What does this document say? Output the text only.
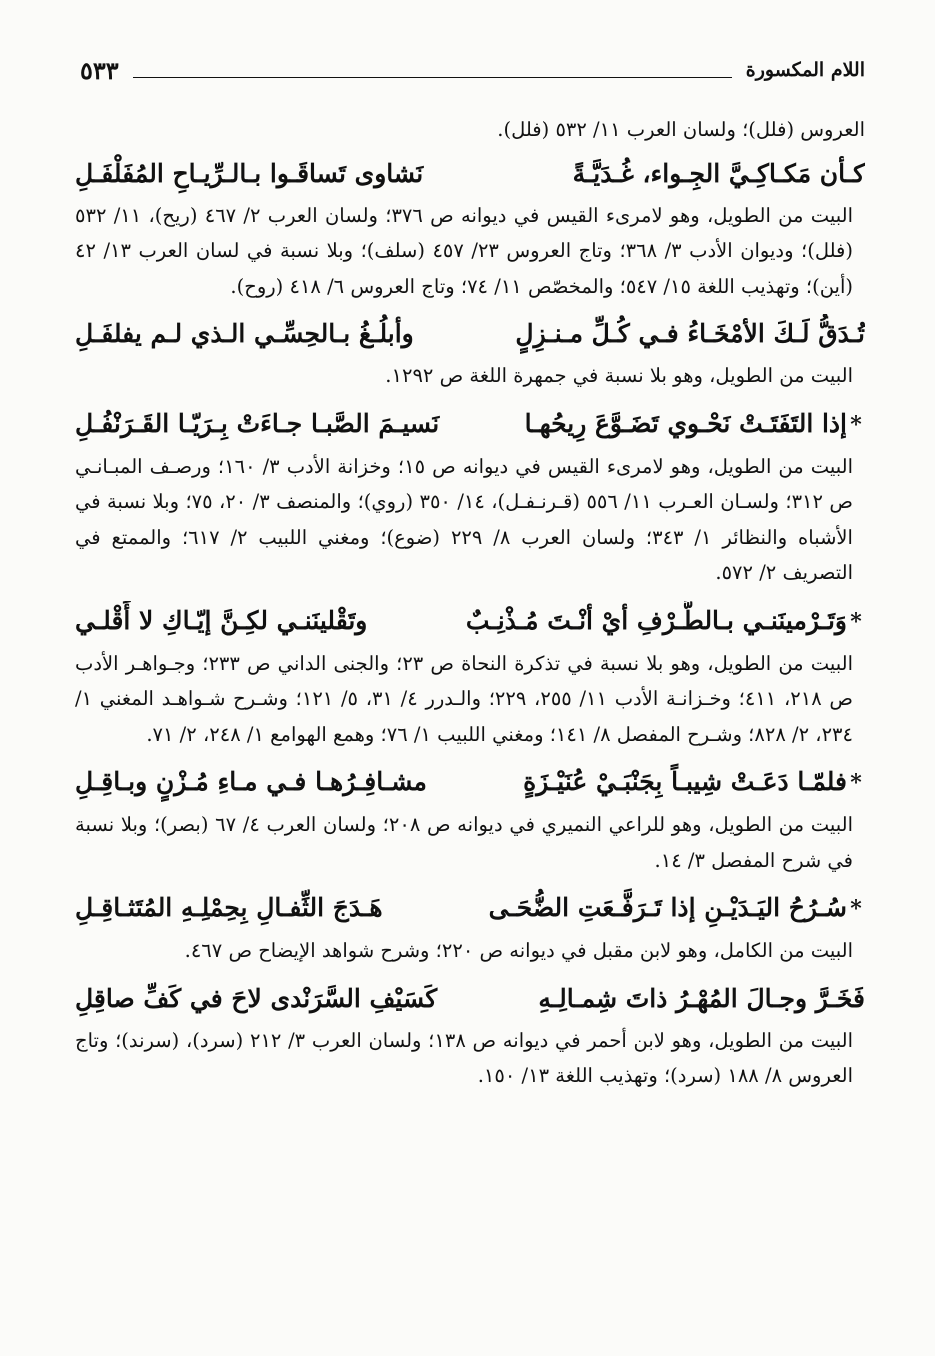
اللام المكسورة
٥٣٣

العروس (فلل)؛ ولسان العرب ١١/ ٥٣٢ (فلل).

كـأن مَكـاكِـيَّ الجِـواء، غُـدَيَّـةً
نَشاوى تَساقَـوا بـالـرِّيـاحِ المُفَلْفَـلِ

البيت من الطويل، وهو لامرىء القيس في ديوانه ص ٣٧٦؛ ولسان العرب ٢/ ٤٦٧ (ريح)، ١١/ ٥٣٢ (فلل)؛ وديوان الأدب ٣/ ٣٦٨؛ وتاج العروس ٢٣/ ٤٥٧ (سلف)؛ وبلا نسبة في لسان العرب ١٣/ ٤٢ (أين)؛ وتهذيب اللغة ١٥/ ٥٤٧؛ والمخصّص ١١/ ٧٤؛ وتاج العروس ٦/ ٤١٨ (روح).

تُـدَقُّ لَـكَ الأمْخَـاءُ فـي كُـلِّ مـنـزِلٍ
وأبلُـغُ بـالحِسِّـي الـذي لـم يفلفَـلِ

البيت من الطويل، وهو بلا نسبة في جمهرة اللغة ص ١٢٩٢.

*
إذا التَفَتَـتْ نَحْـوي تَضَـوَّعَ رِيحُهـا
نَسيـمَ الصَّبـا جـاءَتْ بِـرَيّـا القَـرَنْفُـلِ

البيت من الطويل، وهو لامرىء القيس في ديوانه ص ١٥؛ وخزانة الأدب ٣/ ١٦٠؛ ورصـف المبـانـي ص ٣١٢؛ ولسـان العـرب ١١/ ٥٥٦ (قـرنـفـل)، ١٤/ ٣٥٠ (روي)؛ والمنصف ٣/ ٢٠، ٧٥؛ وبلا نسبة في الأشباه والنظائر ١/ ٣٤٣؛ ولسان العرب ٨/ ٢٢٩ (ضوع)؛ ومغني اللبيب ٢/ ٦١٧؛ والممتع في التصريف ٢/ ٥٧٢.

*
وَتَـرْمينَنـي بـالطَّـرْفِ أيْ أنْـتَ مُـذْنِـبٌ
وتَقْلينَنـي لكِـنَّ إيّـاكِ لا أَقْلـي

البيت من الطويل، وهو بلا نسبة في تذكرة النحاة ص ٢٣؛ والجنى الداني ص ٢٣٣؛ وجـواهـر الأدب ص ٢١٨، ٤١١؛ وخـزانـة الأدب ١١/ ٢٥٥، ٢٢٩؛ والـدرر ٤/ ٣١، ٥/ ١٢١؛ وشـرح شـواهـد المغني ١/ ٢٣٤، ٢/ ٨٢٨؛ وشـرح المفصل ٨/ ١٤١؛ ومغني اللبيب ١/ ٧٦؛ وهمع الهوامع ١/ ٢٤٨، ٢/ ٧١.

*
فلمّـا دَعَـتْ شِيبـاً بِجَنْبَـيْ عُنَيْـزَةٍ
مشـافِـرُهـا فـي مـاءِ مُـزْنٍ وبـاقِـلِ

البيت من الطويل، وهو للراعي النميري في ديوانه ص ٢٠٨؛ ولسان العرب ٤/ ٦٧ (بصر)؛ وبلا نسبة في شرح المفصل ٣/ ١٤.

*
سُـرُحُ اليَـدَيْـنِ إذا تَـرَفَّـعَتِ الضُّحَـى
هَـدَجَ الثِّفـالِ بِحِمْلِـهِ المُتَثـاقِـلِ

البيت من الكامل، وهو لابن مقبل في ديوانه ص ٢٢٠؛ وشرح شواهد الإيضاح ص ٤٦٧.

فَخَـرَّ وجـالَ المُهْـرُ ذاتَ شِمـالِـهِ
كَسَيْفِ السَّرَنْدى لاحَ في كَفِّ صاقِلِ

البيت من الطويل، وهو لابن أحمر في ديوانه ص ١٣٨؛ ولسان العرب ٣/ ٢١٢ (سرد)، (سرند)؛ وتاج العروس ٨/ ١٨٨ (سرد)؛ وتهذيب اللغة ١٣/ ١٥٠.
